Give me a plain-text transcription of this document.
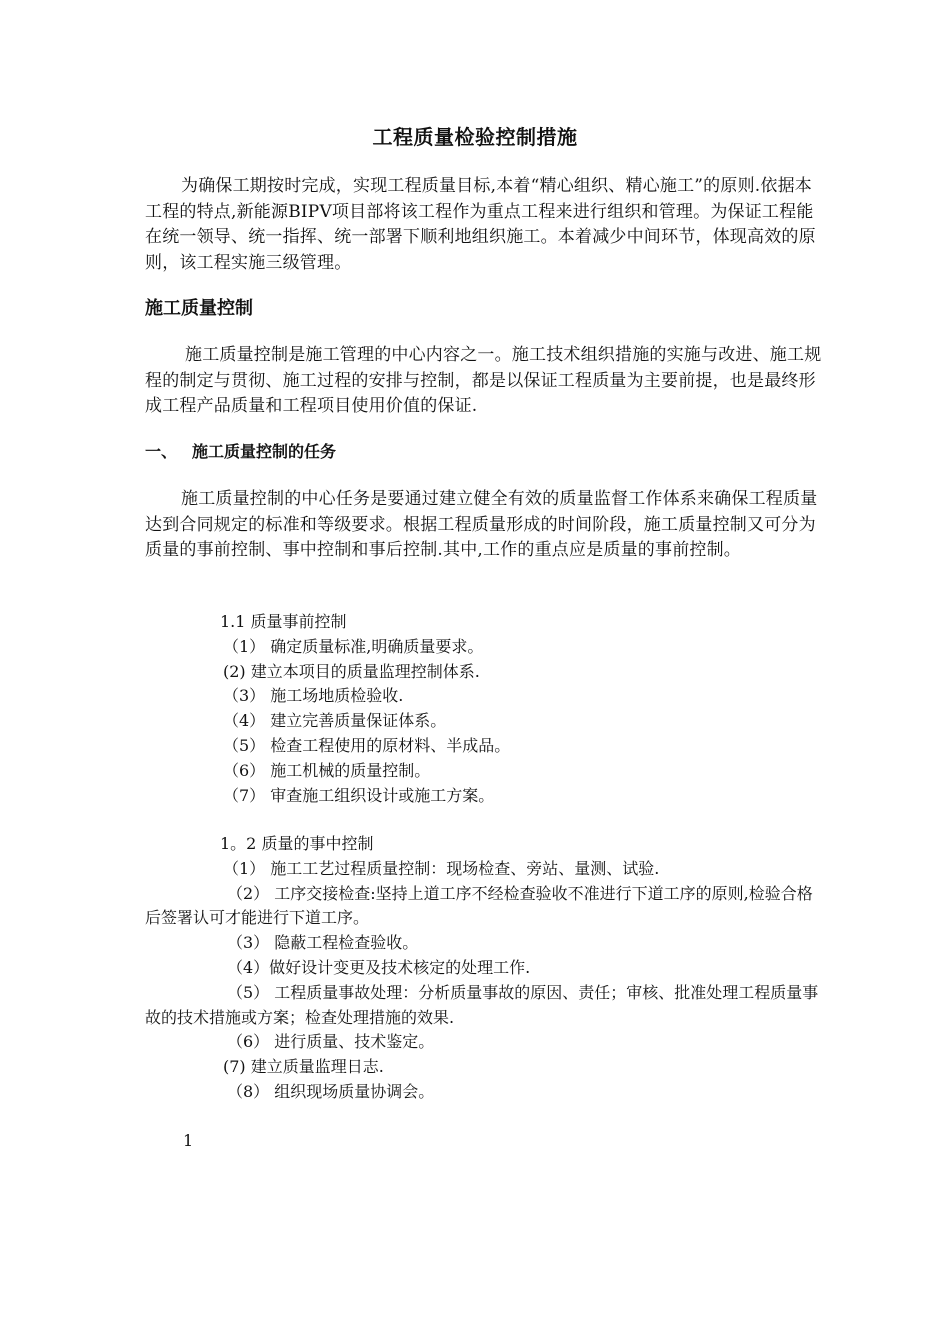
工程质量检验控制措施
为确保工期按时完成，实现工程质量目标,本着“精心组织、精心施工”的原则.依据本工程的特点,新能源BIPV项目部将该工程作为重点工程来进行组织和管理。为保证工程能在统一领导、统一指挥、统一部署下顺利地组织施工。本着减少中间环节，体现高效的原则，该工程实施三级管理。
施工质量控制
施工质量控制是施工管理的中心内容之一。施工技术组织措施的实施与改进、施工规程的制定与贯彻、施工过程的安排与控制，都是以保证工程质量为主要前提，也是最终形成工程产品质量和工程项目使用价值的保证.
一、 施工质量控制的任务
施工质量控制的中心任务是要通过建立健全有效的质量监督工作体系来确保工程质量达到合同规定的标准和等级要求。根据工程质量形成的时间阶段，施工质量控制又可分为质量的事前控制、事中控制和事后控制.其中,工作的重点应是质量的事前控制。
1.1 质量事前控制
（1） 确定质量标准,明确质量要求。
(2) 建立本项目的质量监理控制体系.
（3） 施工场地质检验收.
（4） 建立完善质量保证体系。
（5） 检查工程使用的原材料、半成品。
（6） 施工机械的质量控制。
（7） 审查施工组织设计或施工方案。
1。2 质量的事中控制
（1） 施工工艺过程质量控制：现场检查、旁站、量测、试验.
（2） 工序交接检查:坚持上道工序不经检查验收不准进行下道工序的原则,检验合格后签署认可才能进行下道工序。
（3） 隐蔽工程检查验收。
（4）做好设计变更及技术核定的处理工作.
（5） 工程质量事故处理：分析质量事故的原因、责任；审核、批准处理工程质量事故的技术措施或方案；检查处理措施的效果.
（6） 进行质量、技术鉴定。
(7) 建立质量监理日志.
（8） 组织现场质量协调会。
1
